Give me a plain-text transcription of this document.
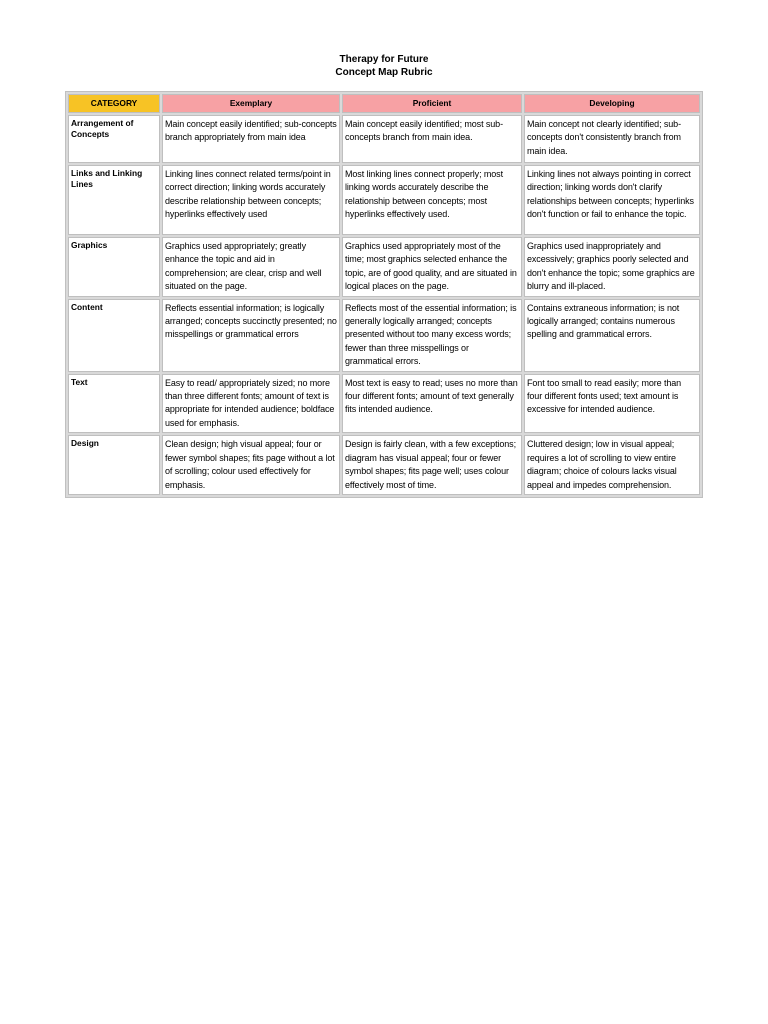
Therapy for Future
Concept Map Rubric
CATEGORY	Exemplary	Proficient	Developing
Arrangement of Concepts	Main concept easily identified; sub-concepts branch appropriately from main idea	Main concept easily identified; most sub-concepts branch from main idea.	Main concept not clearly identified; sub-concepts don't consistently branch from main idea.
Links and Linking Lines	Linking lines connect related terms/point in correct direction; linking words accurately describe relationship between concepts; hyperlinks effectively used	Most linking lines connect properly; most linking words accurately describe the relationship between concepts; most hyperlinks effectively used.	Linking lines not always pointing in correct direction; linking words don't clarify relationships between concepts; hyperlinks don't function or fail to enhance the topic.
Graphics	Graphics used appropriately; greatly enhance the topic and aid in comprehension; are clear, crisp and well situated on the page.	Graphics used appropriately most of the time; most graphics selected enhance the topic, are of good quality, and are situated in logical places on the page.	Graphics used inappropriately and excessively; graphics poorly selected and don't enhance the topic; some graphics are blurry and ill-placed.
Content	Reflects essential information; is logically arranged; concepts succinctly presented; no misspellings or grammatical errors	Reflects most of the essential information; is generally logically arranged; concepts presented without too many excess words; fewer than three misspellings or grammatical errors.	Contains extraneous information; is not logically arranged; contains numerous spelling and grammatical errors.
Text	Easy to read/ appropriately sized; no more than three different fonts; amount of text is appropriate for intended audience; boldface used for emphasis.	Most text is easy to read; uses no more than four different fonts; amount of text generally fits intended audience.	Font too small to read easily; more than four different fonts used; text amount is excessive for intended audience.
Design	Clean design; high visual appeal; four or fewer symbol shapes; fits page without a lot of scrolling; colour used effectively for emphasis.	Design is fairly clean, with a few exceptions; diagram has visual appeal; four or fewer symbol shapes; fits page well; uses colour effectively most of time.	Cluttered design; low in visual appeal; requires a lot of scrolling to view entire diagram; choice of colours lacks visual appeal and impedes comprehension.
